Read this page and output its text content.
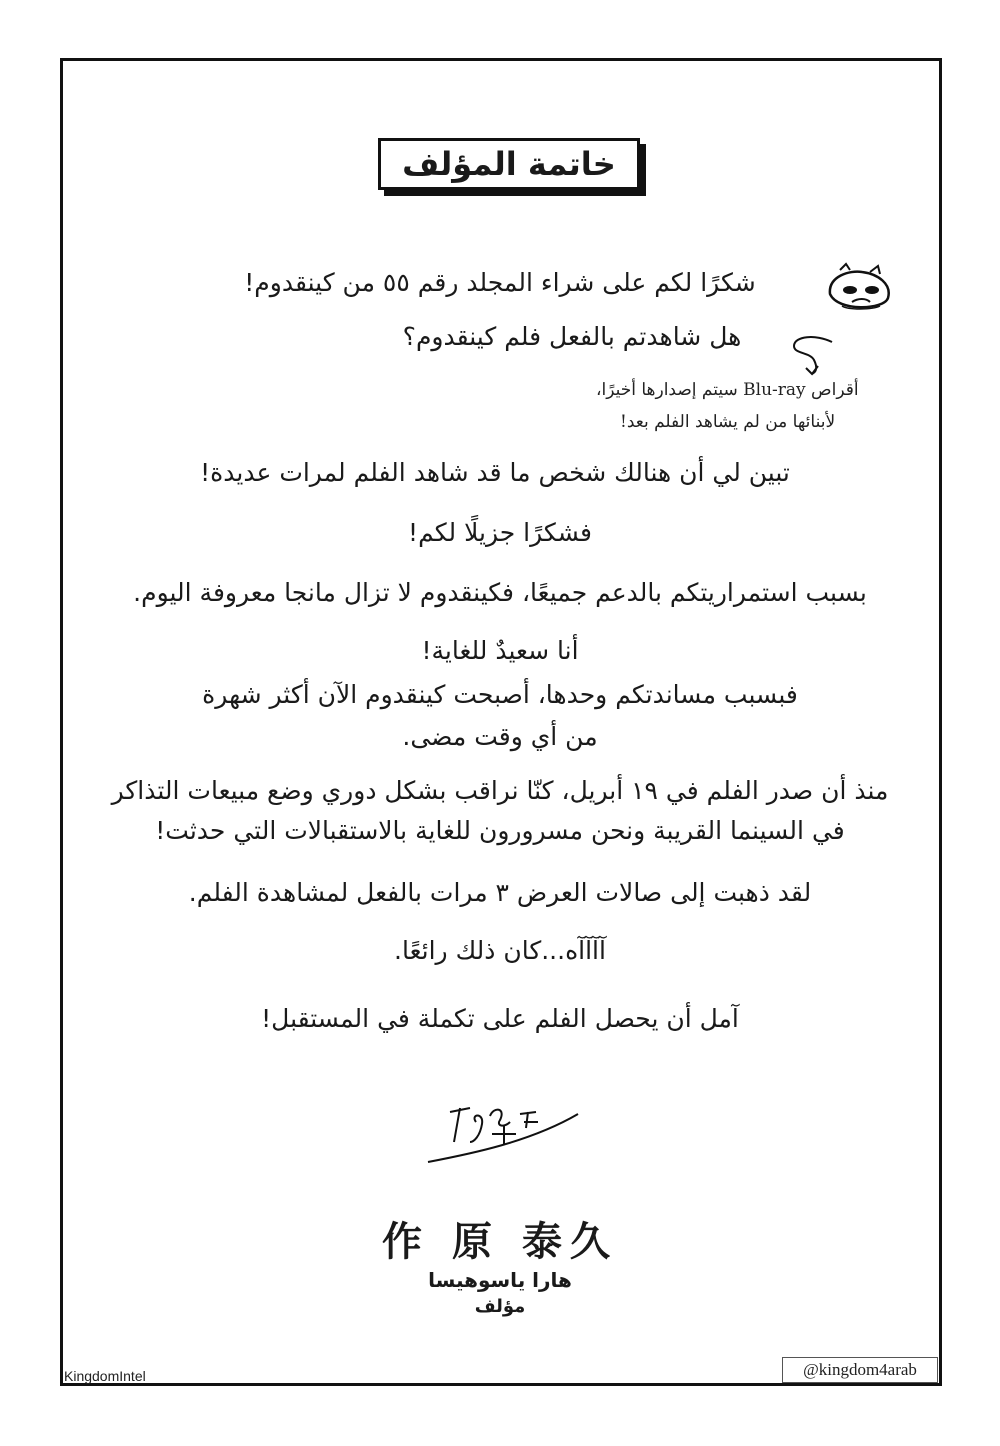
خاتمة المؤلف
شكرًا لكم على شراء المجلد رقم ٥٥ من كينقدوم!
هل شاهدتم بالفعل فلم كينقدوم؟
أقراص Blu-ray سيتم إصدارها أخيرًا،
لأبنائها من لم يشاهد الفلم بعد!
تبين لي أن هنالك شخص ما قد شاهد الفلم لمرات عديدة!
فشكرًا جزيلًا لكم!
بسبب استمراريتكم بالدعم جميعًا، فكينقدوم لا تزال مانجا معروفة اليوم.
أنا سعيدٌ للغاية!
فبسبب مساندتكم وحدها، أصبحت كينقدوم الآن أكثر شهرة
من أي وقت مضى.
منذ أن صدر الفلم في ١٩ أبريل، كنّا نراقب بشكل دوري وضع مبيعات التذاكر
في السينما القريبة ونحن مسرورون للغاية بالاستقبالات التي حدثت!
لقد ذهبت إلى صالات العرض ٣ مرات بالفعل لمشاهدة الفلم.
آآآآه...كان ذلك رائعًا.
آمل أن يحصل الفلم على تكملة في المستقبل!
作 原 泰久
هارا ياسوهيسا
مؤلف
KingdomIntel	@kingdom4arab
